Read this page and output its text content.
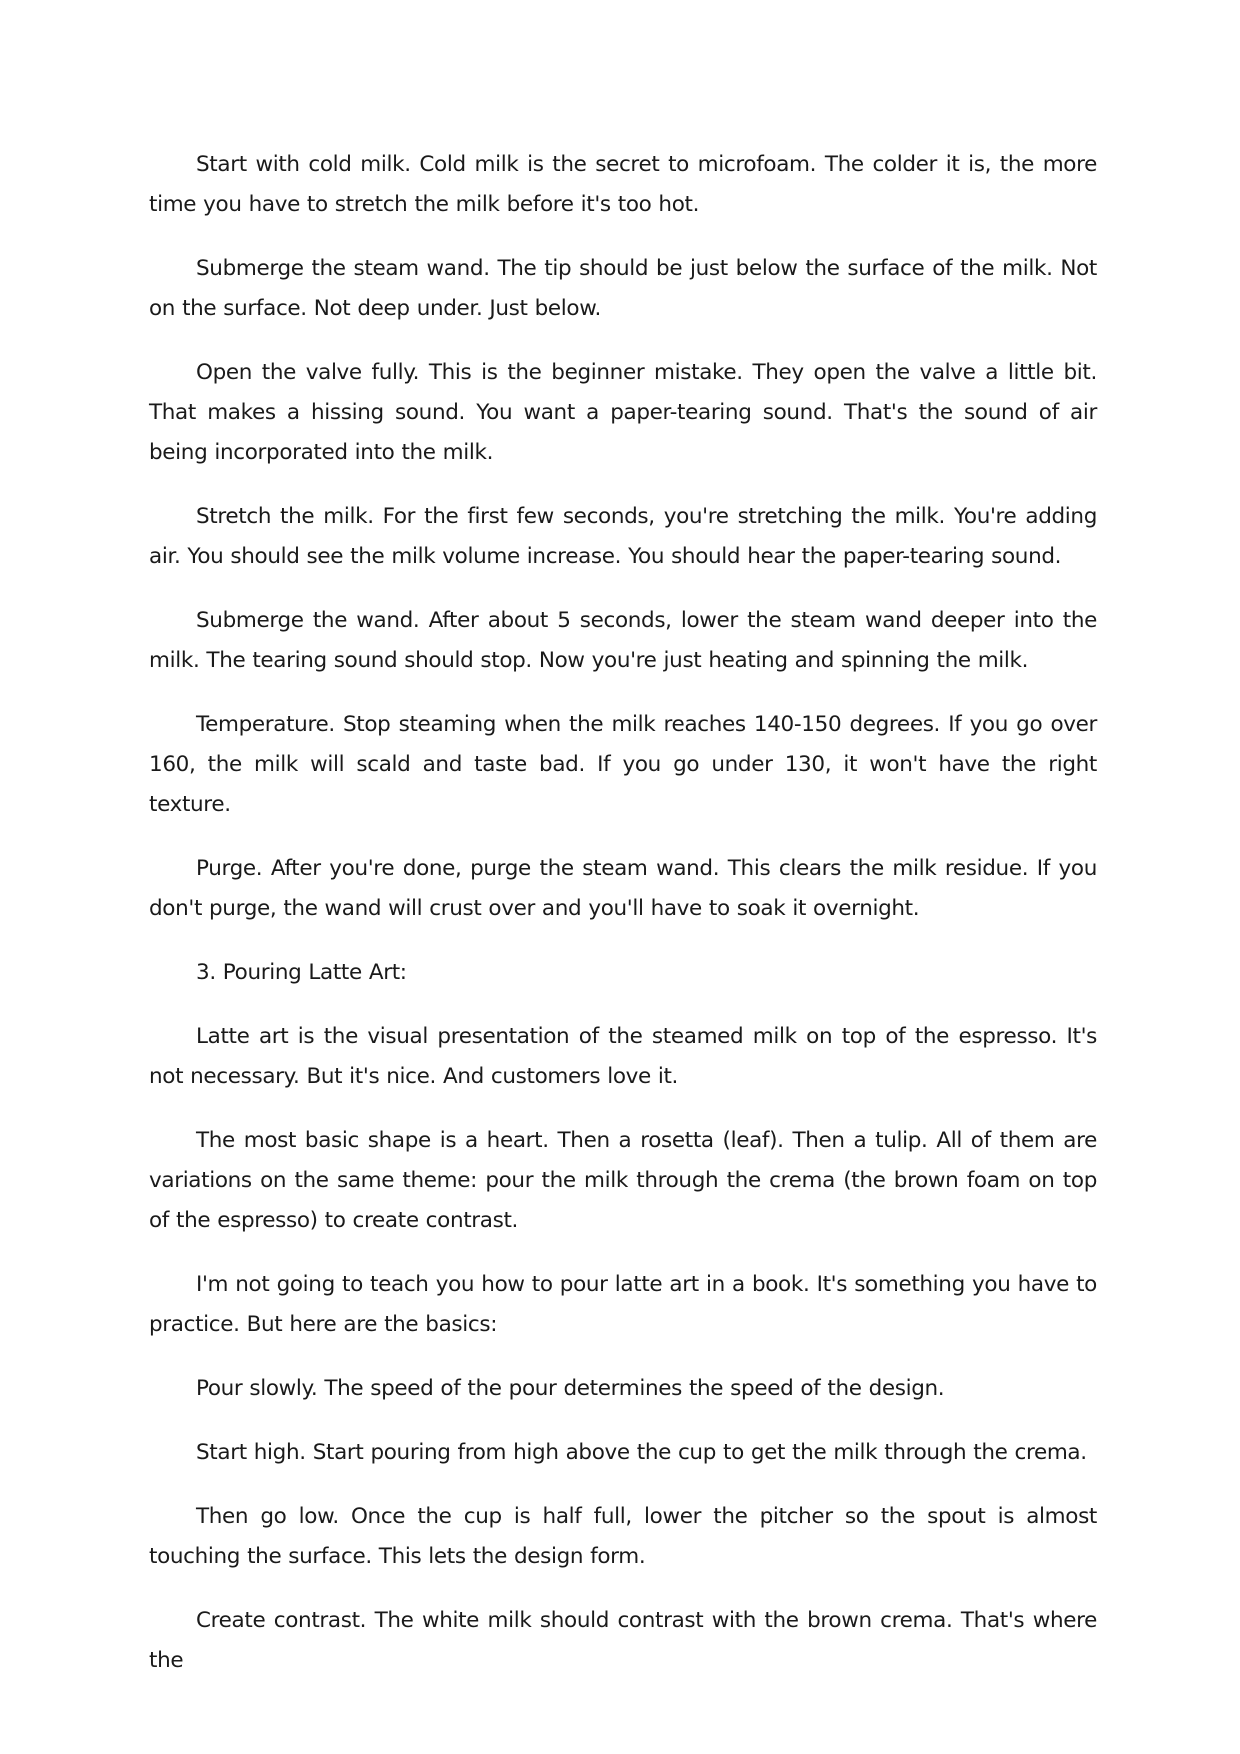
Start with cold milk. Cold milk is the secret to microfoam. The colder it is, the more time you have to stretch the milk before it's too hot.

Submerge the steam wand. The tip should be just below the surface of the milk. Not on the surface. Not deep under. Just below.

Open the valve fully. This is the beginner mistake. They open the valve a little bit. That makes a hissing sound. You want a paper-tearing sound. That's the sound of air being incorporated into the milk.

Stretch the milk. For the first few seconds, you're stretching the milk. You're adding air. You should see the milk volume increase. You should hear the paper-tearing sound.

Submerge the wand. After about 5 seconds, lower the steam wand deeper into the milk. The tearing sound should stop. Now you're just heating and spinning the milk.

Temperature. Stop steaming when the milk reaches 140-150 degrees. If you go over 160, the milk will scald and taste bad. If you go under 130, it won't have the right texture.

Purge. After you're done, purge the steam wand. This clears the milk residue. If you don't purge, the wand will crust over and you'll have to soak it overnight.

3. Pouring Latte Art:

Latte art is the visual presentation of the steamed milk on top of the espresso. It's not necessary. But it's nice. And customers love it.

The most basic shape is a heart. Then a rosetta (leaf). Then a tulip. All of them are variations on the same theme: pour the milk through the crema (the brown foam on top of the espresso) to create contrast.

I'm not going to teach you how to pour latte art in a book. It's something you have to practice. But here are the basics:

Pour slowly. The speed of the pour determines the speed of the design.

Start high. Start pouring from high above the cup to get the milk through the crema.

Then go low. Once the cup is half full, lower the pitcher so the spout is almost touching the surface. This lets the design form.

Create contrast. The white milk should contrast with the brown crema. That's where the
